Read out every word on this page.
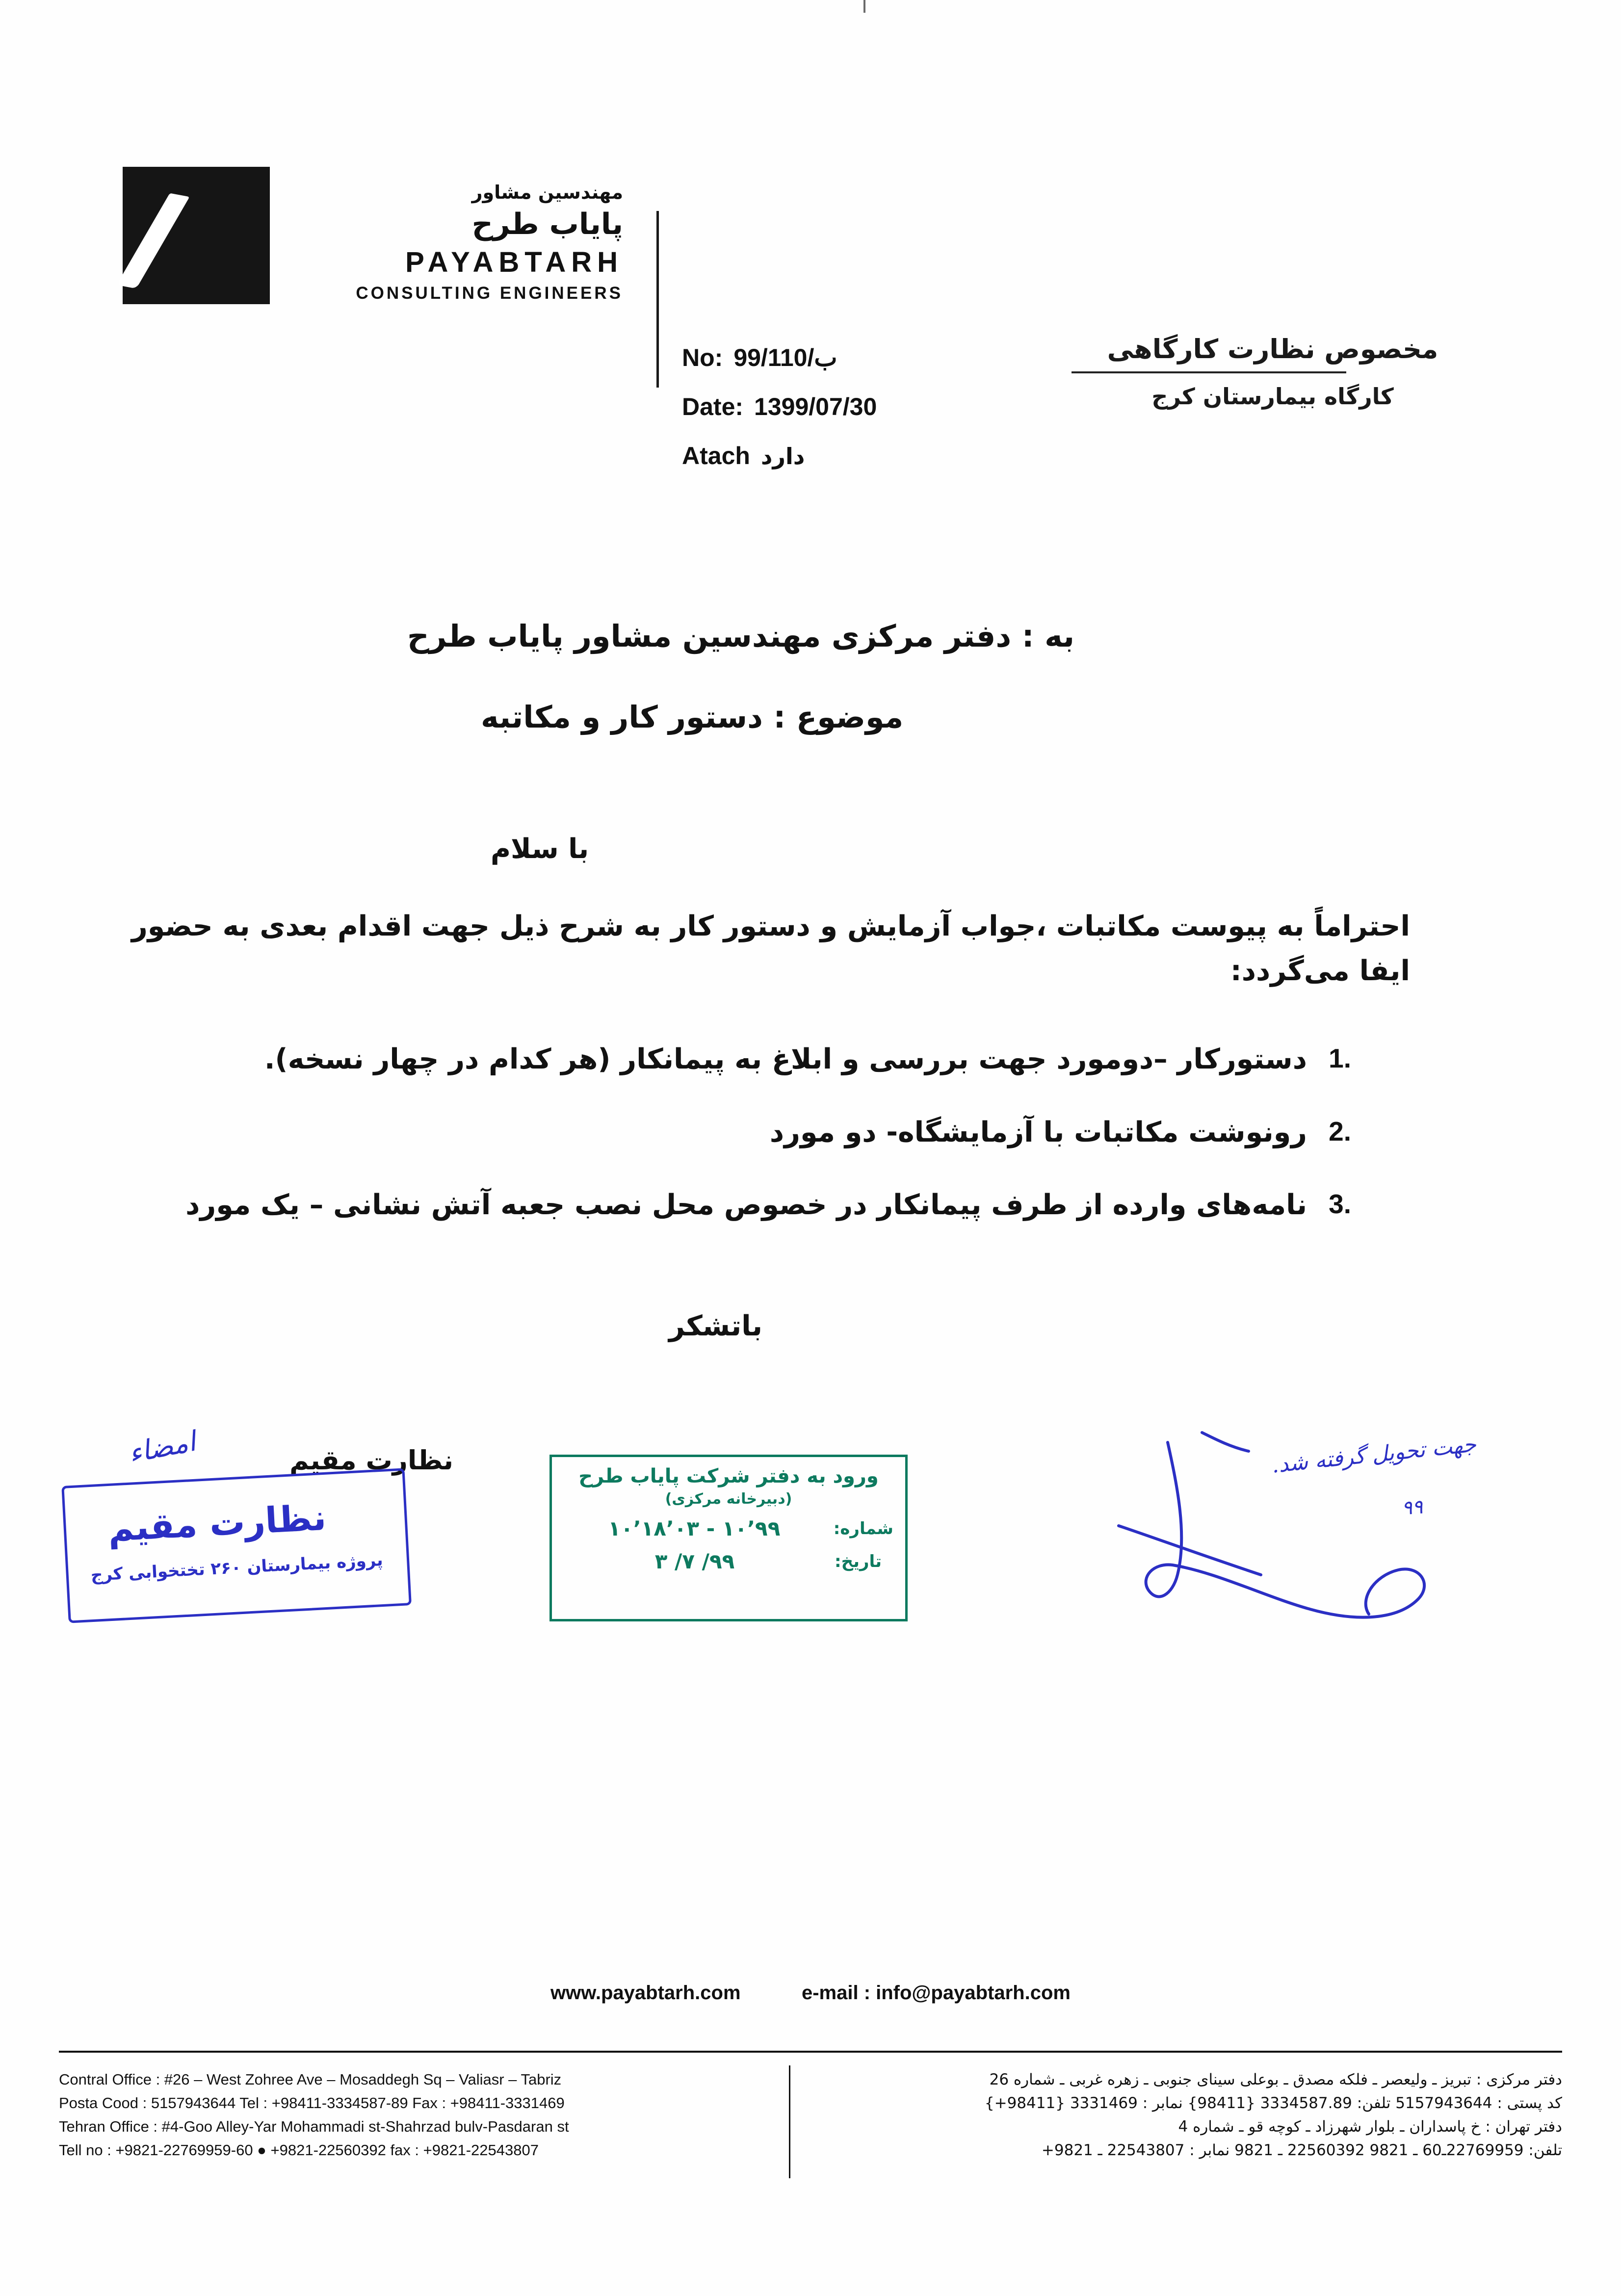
مهندسین مشاور
پایاب طرح
PAYABTARH
CONSULTING ENGINEERS
No: 99/ب/110
Date: 1399/07/30
Atach دارد
مخصوص نظارت کارگاهی
کارگاه بیمارستان کرج
به : دفتر مرکزی مهندسین مشاور پایاب طرح
موضوع : دستور کار و مکاتبه
با سلام
احتراماً به پیوست مکاتبات ،جواب آزمایش و دستور کار به شرح ذیل جهت اقدام بعدی به حضور ایفا می‌گردد:
1.
دستورکار –دومورد جهت بررسی و ابلاغ به پیمانکار (هر کدام در چهار نسخه).
2.
رونوشت مکاتبات با آزمایشگاه- دو مورد
3.
نامه‌های وارده از طرف پیمانکار در خصوص محل نصب جعبه آتش نشانی – یک مورد
باتشکر
نظارت مقیم
امضاء
نظارت مقیم
پروژه بیمارستان ۲۶۰ تختخوابی کرج
ورود به دفتر شرکت پایاب طرح
(دبیرخانه مرکزی)
شماره:
۱۰٬۹۹ - ۱۰٬۱۸٬۰۳
تاریخ:
۹۹/ ۷/ ۳
جهت تحویل گرفته شد.
۹۹
www.payabtarh.com	e-mail : info@payabtarh.com
دفتر مرکزی : تبریز ـ ولیعصر ـ فلکه مصدق ـ بوعلی سینای جنوبی ـ زهره غربی ـ شماره 26
کد پستی : 5157943644 تلفن: 3334587.89 {98411} نمابر : 3331469 {98411+}
دفتر تهران : خ پاسداران ـ بلوار شهرزاد ـ کوچه قو ـ شماره 4
تلفن: 22769959ـ60 ـ 9821 22560392 ـ 9821 نمابر : 22543807 ـ 9821+
Contral Office : #26 – West Zohree Ave – Mosaddegh Sq – Valiasr – Tabriz
Posta Cood : 5157943644 Tel : +98411-3334587-89 Fax : +98411-3331469
Tehran Office : #4-Goo Alley-Yar Mohammadi st-Shahrzad bulv-Pasdaran st
Tell no : +9821-22769959-60 ● +9821-22560392 fax : +9821-22543807
